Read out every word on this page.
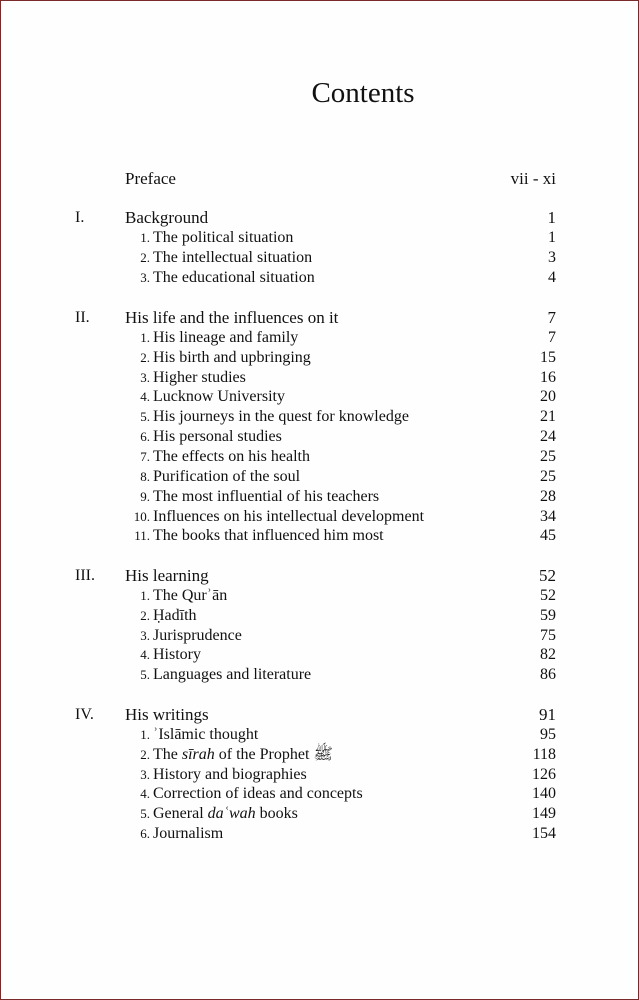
Contents
Preface	vii - xi
I.	Background	1
1. The political situation	1
2. The intellectual situation	3
3. The educational situation	4
II.	His life and the influences on it	7
1. His lineage and family	7
2. His birth and upbringing	15
3. Higher studies	16
4. Lucknow University	20
5. His journeys in the quest for knowledge	21
6. His personal studies	24
7. The effects on his health	25
8. Purification of the soul	25
9. The most influential of his teachers	28
10. Influences on his intellectual development	34
11. The books that influenced him most	45
III.	His learning	52
1. The Qurʾān	52
2. Ḥadīth	59
3. Jurisprudence	75
4. History	82
5. Languages and literature	86
IV.	His writings	91
1. ʾIslāmic thought	95
2. The sīrah of the Prophet ﷺ	118
3. History and biographies	126
4. Correction of ideas and concepts	140
5. General daʿwah books	149
6. Journalism	154
